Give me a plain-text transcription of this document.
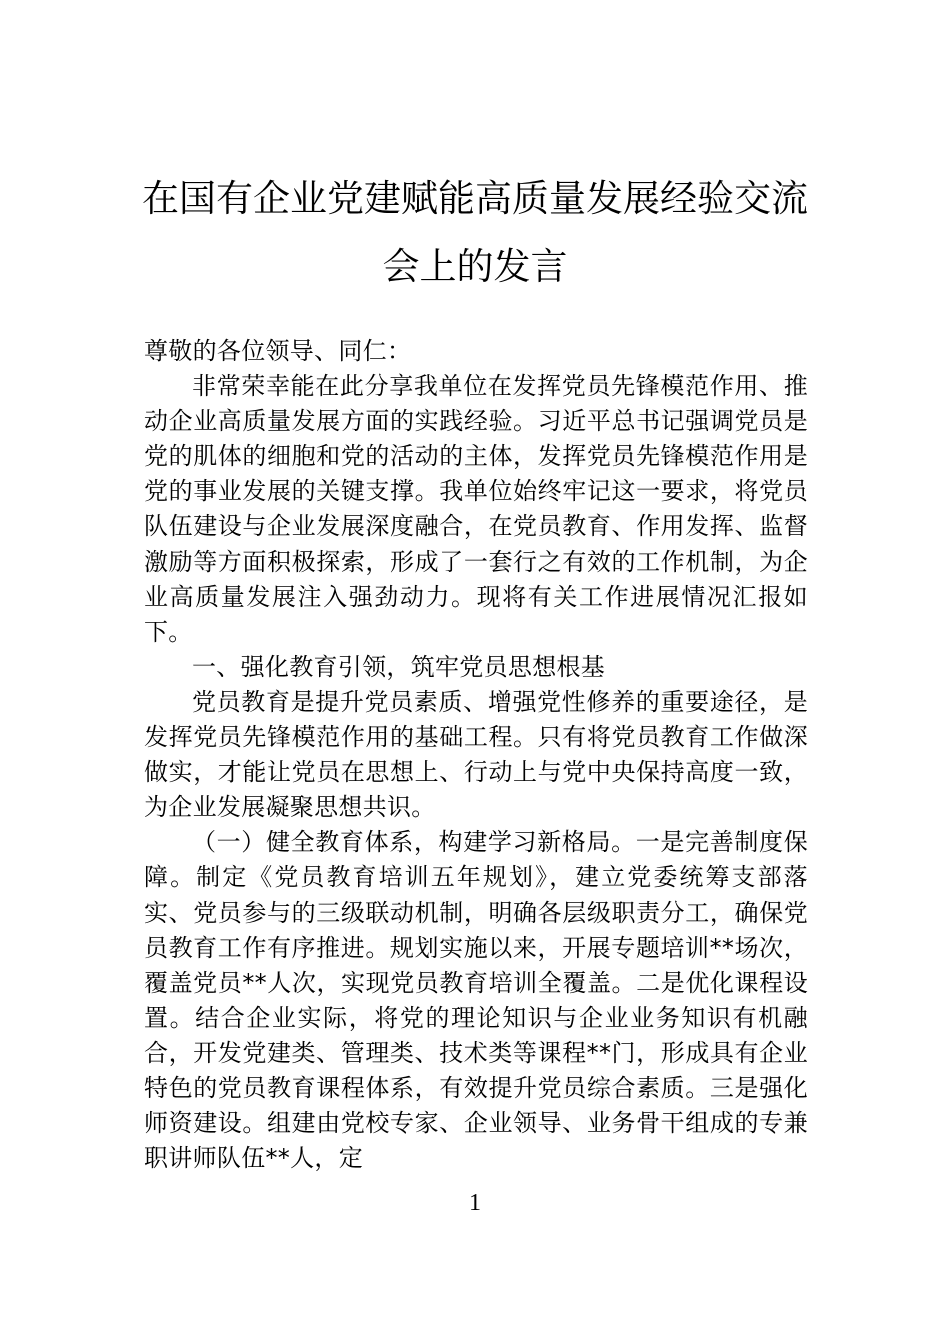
在国有企业党建赋能高质量发展经验交流
会上的发言

尊敬的各位领导、同仁：

非常荣幸能在此分享我单位在发挥党员先锋模范作用、推动企业高质量发展方面的实践经验。习近平总书记强调党员是党的肌体的细胞和党的活动的主体，发挥党员先锋模范作用是党的事业发展的关键支撑。我单位始终牢记这一要求，将党员队伍建设与企业发展深度融合，在党员教育、作用发挥、监督激励等方面积极探索，形成了一套行之有效的工作机制，为企业高质量发展注入强劲动力。现将有关工作进展情况汇报如下。

一、强化教育引领，筑牢党员思想根基

党员教育是提升党员素质、增强党性修养的重要途径，是发挥党员先锋模范作用的基础工程。只有将党员教育工作做深做实，才能让党员在思想上、行动上与党中央保持高度一致，为企业发展凝聚思想共识。

（一）健全教育体系，构建学习新格局。一是完善制度保障。制定《党员教育培训五年规划》，建立党委统筹支部落实、党员参与的三级联动机制，明确各层级职责分工，确保党员教育工作有序推进。规划实施以来，开展专题培训**场次，覆盖党员**人次，实现党员教育培训全覆盖。二是优化课程设置。结合企业实际，将党的理论知识与企业业务知识有机融合，开发党建类、管理类、技术类等课程**门，形成具有企业特色的党员教育课程体系，有效提升党员综合素质。三是强化师资建设。组建由党校专家、企业领导、业务骨干组成的专兼职讲师队伍**人，定

1
